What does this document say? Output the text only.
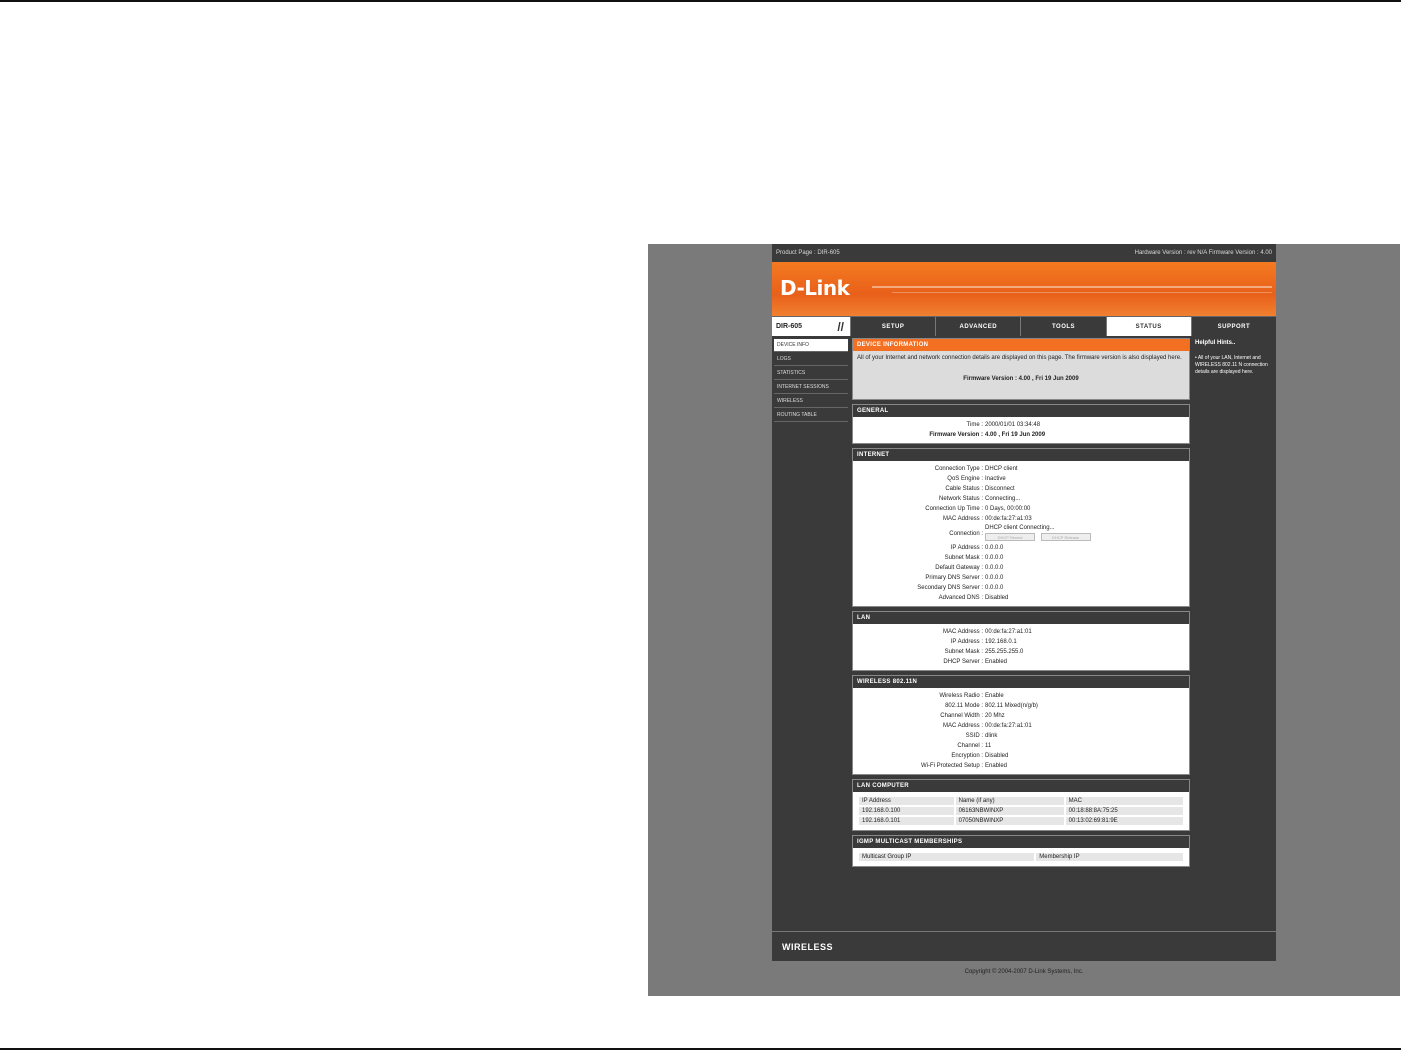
Product Page : DIR-605	Hardware Version : rev N/A Firmware Version : 4.00
D-Link
DIR-605	//	SETUP	ADVANCED	TOOLS	STATUS	SUPPORT
DEVICE INFO
LOGS
STATISTICS
INTERNET SESSIONS
WIRELESS
ROUTING TABLE
DEVICE INFORMATION
All of your Internet and network connection details are displayed on this page. The firmware version is also displayed here.
Firmware Version : 4.00 , Fri 19 Jun 2009
GENERAL
Time : 2000/01/01 03:34:48
Firmware Version : 4.00 , Fri 19 Jun 2009
INTERNET
Connection Type : DHCP client
QoS Engine : Inactive
Cable Status : Disconnect
Network Status : Connecting...
Connection Up Time : 0 Days, 00:00:00
MAC Address : 00:de:fa:27:a1:03
Connection :
DHCP client Connecting...
DHCP Renew	DHCP Release
IP Address : 0.0.0.0
Subnet Mask : 0.0.0.0
Default Gateway : 0.0.0.0
Primary DNS Server : 0.0.0.0
Secondary DNS Server : 0.0.0.0
Advanced DNS : Disabled
LAN
MAC Address : 00:de:fa:27:a1:01
IP Address : 192.168.0.1
Subnet Mask : 255.255.255.0
DHCP Server : Enabled
WIRELESS 802.11N
Wireless Radio : Enable
802.11 Mode : 802.11 Mixed(n/g/b)
Channel Width : 20 Mhz
MAC Address : 00:de:fa:27:a1:01
SSID : dlink
Channel : 11
Encryption : Disabled
Wi-Fi Protected Setup : Enabled
LAN COMPUTER
IP Address	Name (if any)	MAC
192.168.0.100	06163NBWINXP	00:18:88:8A:75:25
192.168.0.101	07050NBWINXP	00:13:02:69:81:9E
IGMP MULTICAST MEMBERSHIPS
Multicast Group IP	Membership IP
Helpful Hints..
• All of your LAN, Internet and WIRELESS 802.11 N connection details are displayed here.
WIRELESS
Copyright © 2004-2007 D-Link Systems, Inc.
